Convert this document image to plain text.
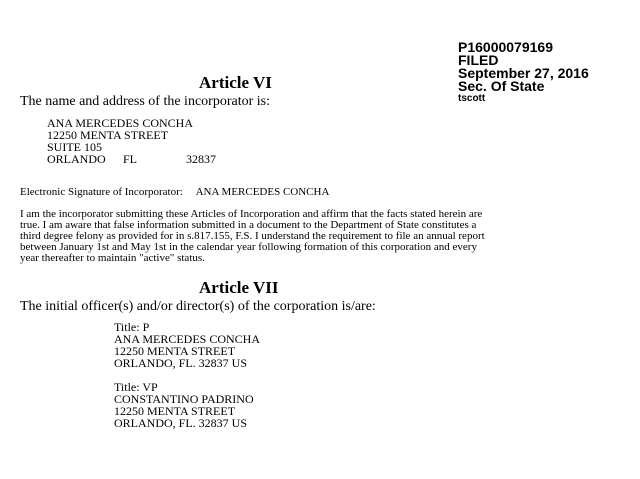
P16000079169
FILED
September 27, 2016
Sec. Of State
tscott
Article VI
The name and address of the incorporator is:
ANA MERCEDES CONCHA
12250 MENTA STREET
SUITE 105
ORLANDO FL	32837
Electronic Signature of Incorporator: ANA MERCEDES CONCHA
I am the incorporator submitting these Articles of Incorporation and affirm that the facts stated herein are
true. I am aware that false information submitted in a document to the Department of State constitutes a
third degree felony as provided for in s.817.155, F.S. I understand the requirement to file an annual report
between January 1st and May 1st in the calendar year following formation of this corporation and every
year thereafter to maintain "active" status.
Article VII
The initial officer(s) and/or director(s) of the corporation is/are:
Title: P
ANA MERCEDES CONCHA
12250 MENTA STREET
ORLANDO, FL. 32837 US
Title: VP
CONSTANTINO PADRINO
12250 MENTA STREET
ORLANDO, FL. 32837 US
